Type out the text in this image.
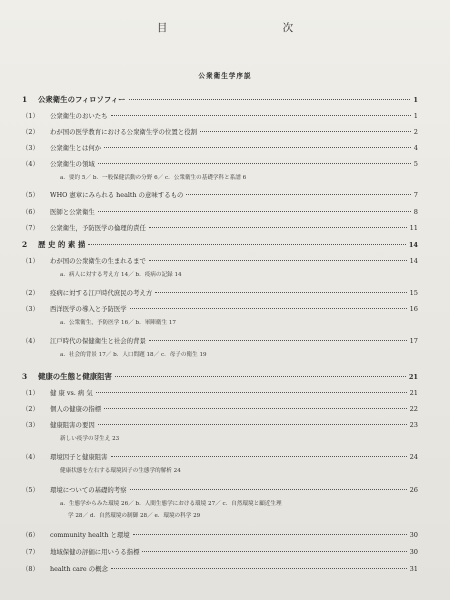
目 次
公衆衛生学序説
1	公衆衛生のフィロソフィー	1
（1）	公衆衛生のおいたち	1
（2）	わが国の医学教育における公衆衛生学の位置と役割	2
（3）	公衆衛生とは何か	4
（4）	公衆衛生の領域	5
a．要約 5／ b．一般保健活動の分野 6／ c．公衆衛生の基礎学科と系譜 6
（5）	WHO 憲章にみられる health の意味するもの	7
（6）	医師と公衆衛生	8
（7）	公衆衛生，予防医学の倫理的責任	11
2	歴 史 的 素 描	14
（1）	わが国の公衆衛生の生まれるまで	14
a．病人に対する考え方 14／ b．疫病の記録 14
（2）	疫病に対する江戸時代庶民の考え方	15
（3）	西洋医学の導入と予防医学	16
a．公衆衛生，予防医学 16／ b．軍陣衛生 17
（4）	江戸時代の保健衛生と社会的背景	17
a．社会的背景 17／ b．人口問題 18／ c．母子の衛生 19
3	健康の生態と健康阻害	21
（1）	健 康 vs. 病 気	21
（2）	個人の健康の指標	22
（3）	健康阻害の要因	23
新しい疫学の芽生え 23
（4）	環境因子と健康阻害	24
健康状態を左右する環境因子の生態学的解析 24
（5）	環境についての基礎的考察	26
a．生態学からみた環境 26／ b．人間生態学における環境 27／ c．自然環境と顧近生理
学 28／ d．自然環境の制御 28／ e．環境の科学 29
（6）	community health と環境	30
（7）	地域保健の評価に用いうる指標	30
（8）	health care の概念	31
